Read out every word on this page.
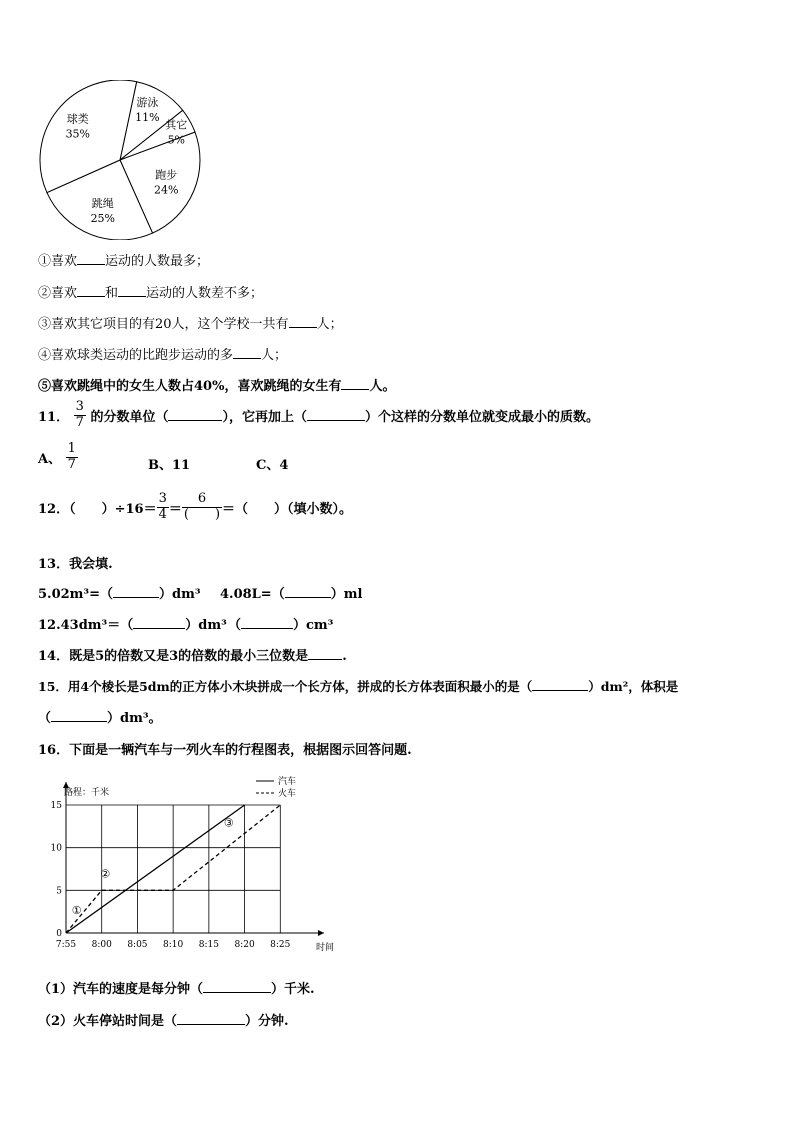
游泳
11%
其它
5%
跑步
24%
跳绳
25%
球类
35%
①喜欢 运动的人数最多；
②喜欢 和 运动的人数差不多；
③喜欢其它项目的有20人，这个学校一共有 人；
④喜欢球类运动的比跑步运动的多 人；
⑤喜欢跳绳中的女生人数占40%，喜欢跳绳的女生有 人。
11． $\frac{3}{7}$ 的分数单位（	），它再加上（	）个这样的分数单位就变成最小的质数。
A、 $\frac{1}{7}$	B、11	C、4
12．（　　）$\div 16= \frac{3}{4} = \frac{6}{( )}$ ＝（　　）（填小数）。
13．我会填.
5.02m³=（	）dm³ 4.08L=（	）ml
12.43dm³＝（	）dm³ （	）cm³
14．既是5的倍数又是3的倍数的最小三位数是	.
15．用4个棱长是5dm的正方体小木块拼成一个长方体，拼成的长方体表面积最小的是（	）dm²，体积是
（	）dm³。
16．下面是一辆汽车与一列火车的行程图表，根据图示回答问题.
7:55 8:00 8:05 8:10 8:15 8:20 8:25
0
5
10
15
①
②
③
汽车
火车
路程：千米
时间
（1）汽车的速度是每分钟（	）千米.
（2）火车停站时间是（	）分钟.
